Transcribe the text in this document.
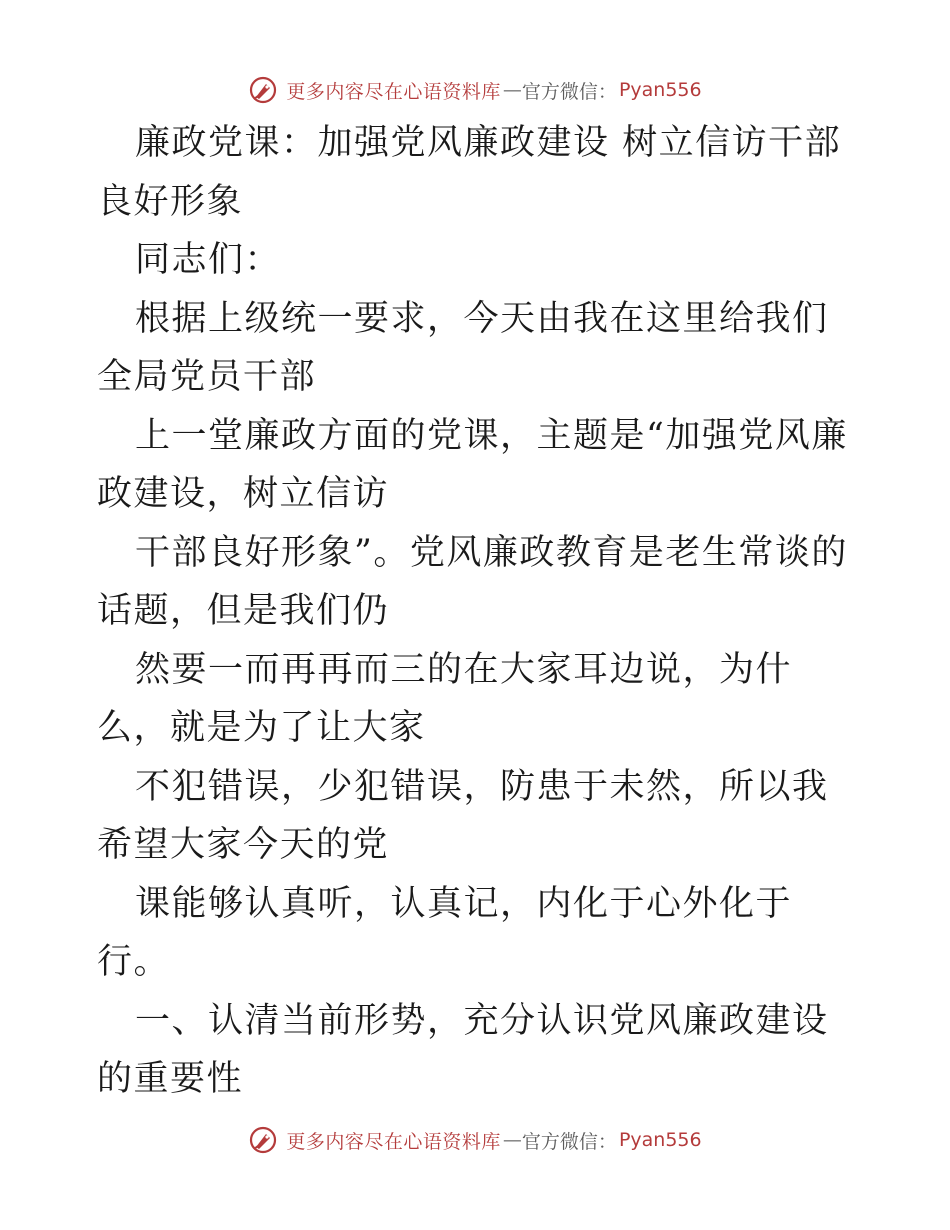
更多内容尽在心语资料库 — 官方微信： Pyan556

廉政党课：加强党风廉政建设 树立信访干部良好形象

同志们：

根据上级统一要求，今天由我在这里给我们全局党员干部

上一堂廉政方面的党课，主题是“加强党风廉政建设，树立信访

干部良好形象”。党风廉政教育是老生常谈的话题，但是我们仍

然要一而再再而三的在大家耳边说，为什么，就是为了让大家

不犯错误，少犯错误，防患于未然，所以我希望大家今天的党

课能够认真听，认真记，内化于心外化于行。

一、认清当前形势，充分认识党风廉政建设的重要性

更多内容尽在心语资料库 — 官方微信： Pyan556
